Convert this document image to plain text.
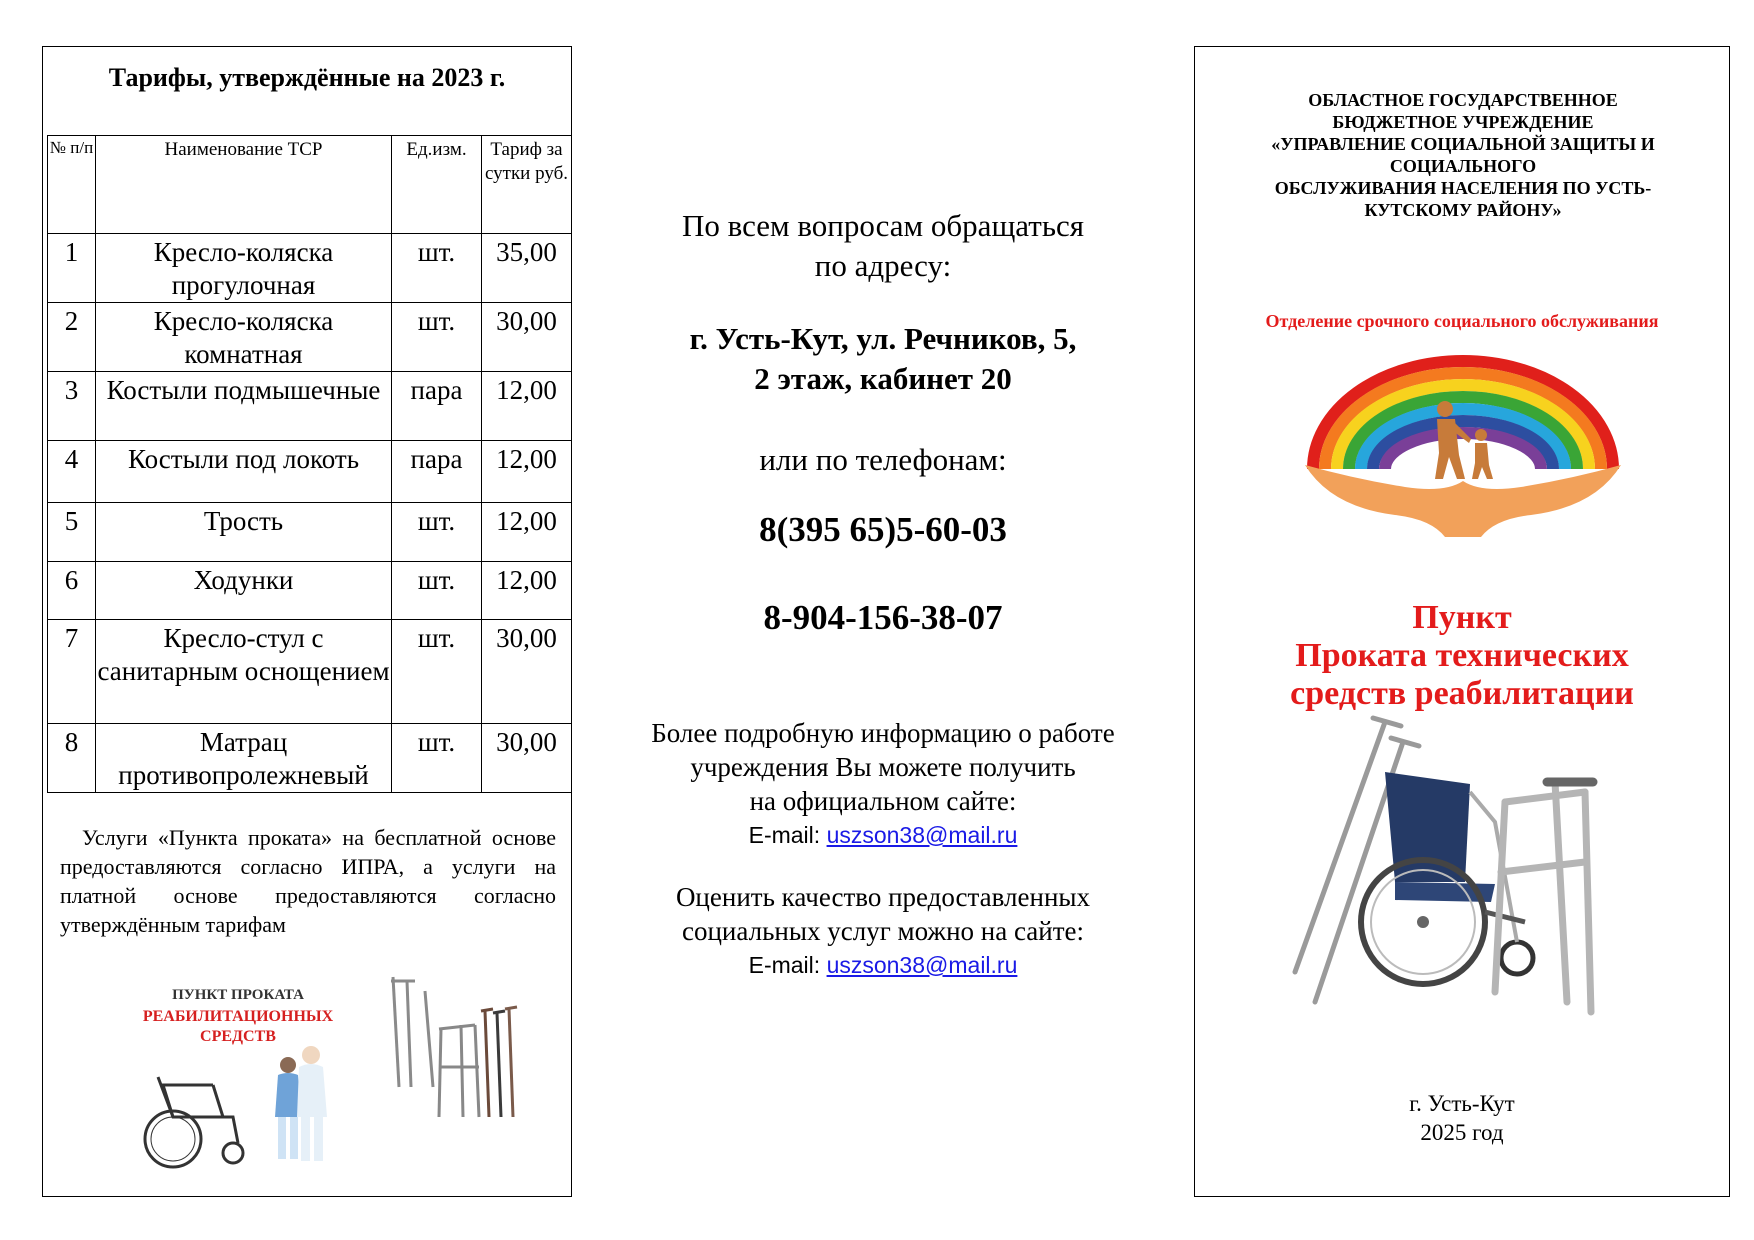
Тарифы, утверждённые на 2023 г.
№ п/п	Наименование ТСР	Ед.изм.	Тариф за сутки руб.
1	Кресло-коляска прогулочная	шт.	35,00
2	Кресло-коляска комнатная	шт.	30,00
3	Костыли подмышечные	пара	12,00
4	Костыли под локоть	пара	12,00
5	Трость	шт.	12,00
6	Ходунки	шт.	12,00
7	Кресло-стул с санитарным оснощением	шт.	30,00
8	Матрац противопролежневый	шт.	30,00
Услуги «Пункта проката» на бесплатной основе предоставляются согласно ИПРА, а услуги на платной основе предоставляются согласно утверждённым тарифам
ПУНКТ ПРОКАТА
РЕАБИЛИТАЦИОННЫХ
СРЕДСТВ
По всем вопросам обращаться
по адресу:
г. Усть-Кут, ул. Речников, 5,
2 этаж, кабинет 20
или по телефонам:
8(395 65)5-60-03
8-904-156-38-07
Более подробную информацию о работе
учреждения Вы можете получить
на официальном сайте:
E-mail: uszson38@mail.ru
Оценить качество предоставленных
социальных услуг можно на сайте:
E-mail: uszson38@mail.ru
ОБЛАСТНОЕ ГОСУДАРСТВЕННОЕ
БЮДЖЕТНОЕ УЧРЕЖДЕНИЕ
«УПРАВЛЕНИЕ СОЦИАЛЬНОЙ ЗАЩИТЫ И
СОЦИАЛЬНОГО
ОБСЛУЖИВАНИЯ НАСЕЛЕНИЯ ПО УСТЬ-
КУТСКОМУ РАЙОНУ»
Отделение срочного социального обслуживания
Пункт
Проката технических
средств реабилитации
г. Усть-Кут
2025 год
